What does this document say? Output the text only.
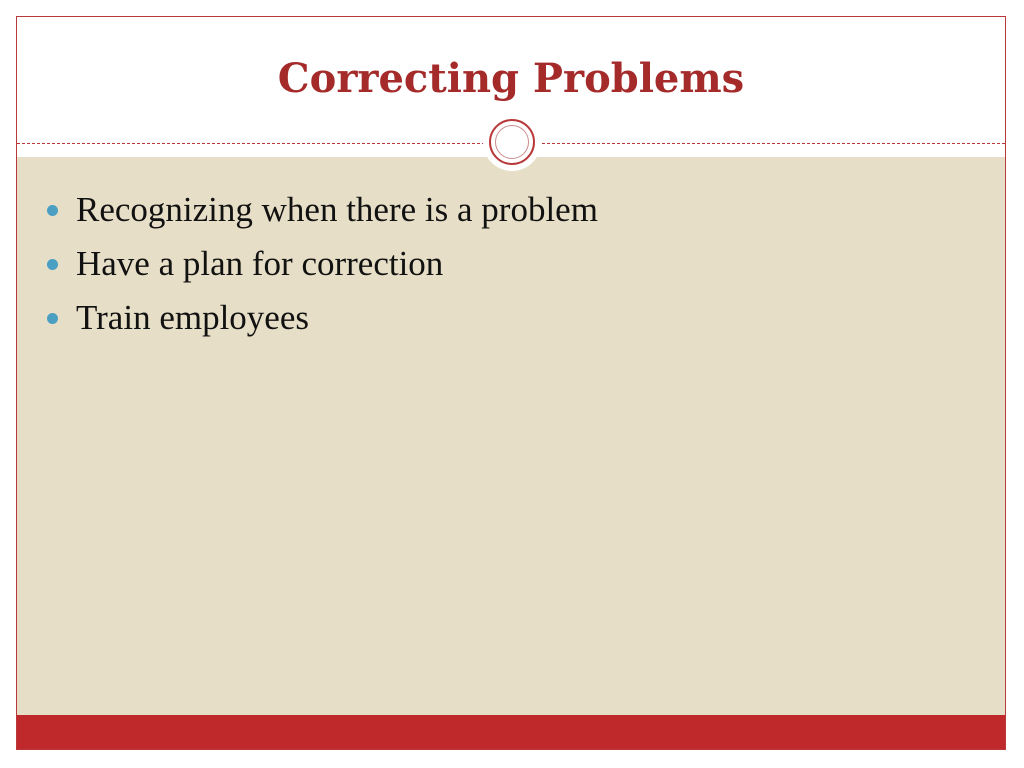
Correcting Problems
Recognizing when there is a problem
Have a plan for correction
Train employees
